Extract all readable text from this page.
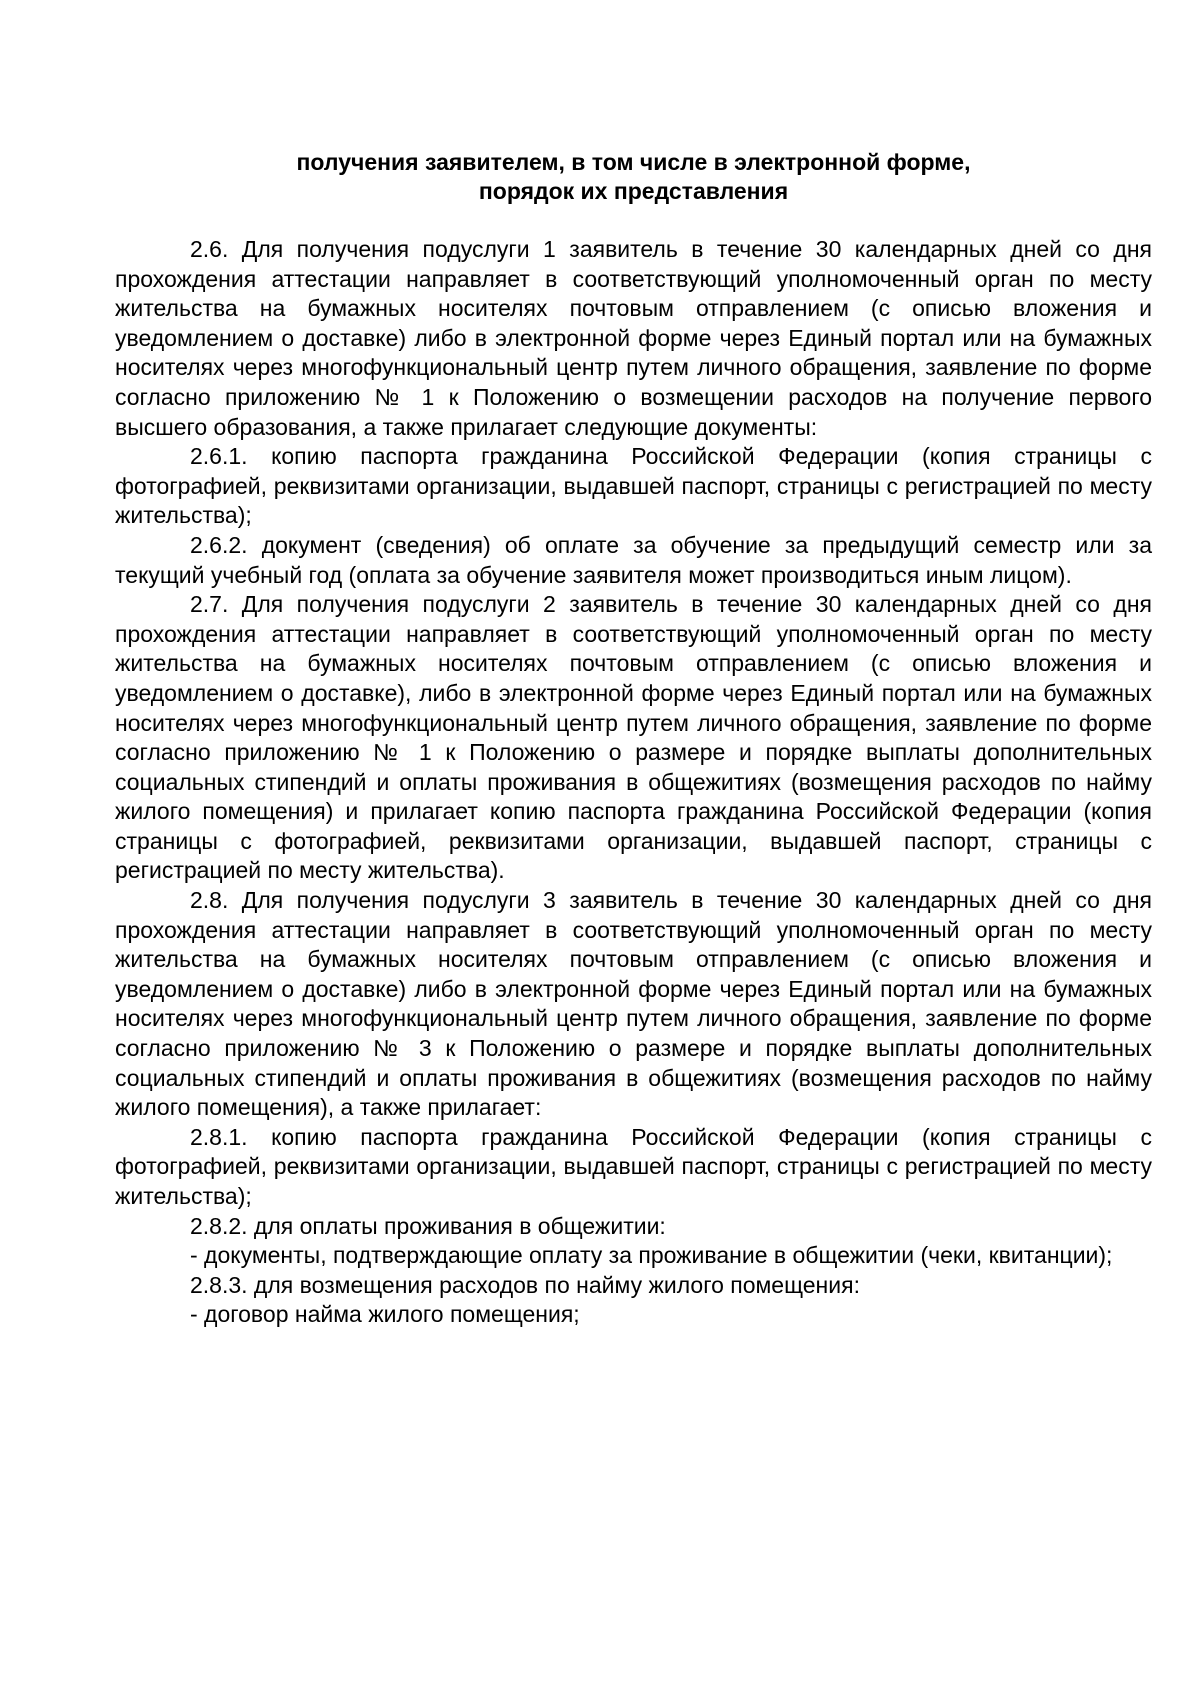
получения заявителем, в том числе в электронной форме,
порядок их представления

2.6. Для получения подуслуги 1 заявитель в течение 30 календарных дней со дня прохождения аттестации направляет в соответствующий уполномоченный орган по месту жительства на бумажных носителях почтовым отправлением (с описью вложения и уведомлением о доставке) либо в электронной форме через Единый портал или на бумажных носителях через многофункциональный центр путем личного обращения, заявление по форме согласно приложению № 1 к Положению о возмещении расходов на получение первого высшего образования, а также прилагает следующие документы:

2.6.1. копию паспорта гражданина Российской Федерации (копия страницы с фотографией, реквизитами организации, выдавшей паспорт, страницы с регистрацией по месту жительства);

2.6.2. документ (сведения) об оплате за обучение за предыдущий семестр или за текущий учебный год (оплата за обучение заявителя может производиться иным лицом).

2.7. Для получения подуслуги 2 заявитель в течение 30 календарных дней со дня прохождения аттестации направляет в соответствующий уполномоченный орган по месту жительства на бумажных носителях почтовым отправлением (с описью вложения и уведомлением о доставке), либо в электронной форме через Единый портал или на бумажных носителях через многофункциональный центр путем личного обращения, заявление по форме согласно приложению № 1 к Положению о размере и порядке выплаты дополнительных социальных стипендий и оплаты проживания в общежитиях (возмещения расходов по найму жилого помещения) и прилагает копию паспорта гражданина Российской Федерации (копия страницы с фотографией, реквизитами организации, выдавшей паспорт, страницы с регистрацией по месту жительства).

2.8. Для получения подуслуги 3 заявитель в течение 30 календарных дней со дня прохождения аттестации направляет в соответствующий уполномоченный орган по месту жительства на бумажных носителях почтовым отправлением (с описью вложения и уведомлением о доставке) либо в электронной форме через Единый портал или на бумажных носителях через многофункциональный центр путем личного обращения, заявление по форме согласно приложению № 3 к Положению о размере и порядке выплаты дополнительных социальных стипендий и оплаты проживания в общежитиях (возмещения расходов по найму жилого помещения), а также прилагает:

2.8.1. копию паспорта гражданина Российской Федерации (копия страницы с фотографией, реквизитами организации, выдавшей паспорт, страницы с регистрацией по месту жительства);

2.8.2. для оплаты проживания в общежитии:

- документы, подтверждающие оплату за проживание в общежитии (чеки, квитанции);

2.8.3. для возмещения расходов по найму жилого помещения:

- договор найма жилого помещения;
